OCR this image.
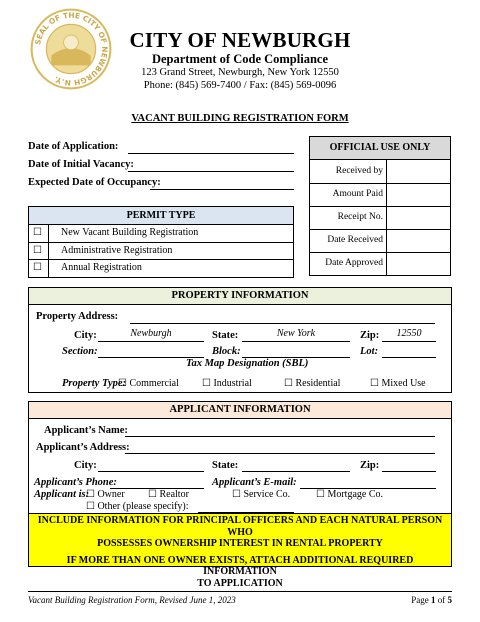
SEAL OF THE CITY OF NEWBURGH N.Y.
CITY OF NEWBURGH
Department of Code Compliance
123 Grand Street, Newburgh, New York 12550
Phone: (845) 569-7400 / Fax: (845) 569-0096
VACANT BUILDING REGISTRATION FORM
Date of Application:
Date of Initial Vacancy:
Expected Date of Occupancy:
OFFICIAL USE ONLY
Received by
Amount Paid
Receipt No.
Date Received
Date Approved
PERMIT TYPE
☐ New Vacant Building Registration
☐ Administrative Registration
☐ Annual Registration
PROPERTY INFORMATION
Property Address:
City:	Newburgh	State:	New York	Zip:	12550
Section:	Block:	Lot:
Tax Map Designation (SBL)
Property Type:
☐ Commercial ☐ Industrial	☐ Residential	☐ Mixed Use
APPLICANT INFORMATION
Applicant’s Name:
Applicant’s Address:
City:	State:	Zip:
Applicant’s Phone:	Applicant’s E-mail:
Applicant is:
☐ Owner ☐ Realtor	☐ Service Co.	☐ Mortgage Co.
☐ Other (please specify):
INCLUDE INFORMATION FOR PRINCIPAL OFFICERS AND EACH NATURAL PERSON WHO
POSSESSES OWNERSHIP INTEREST IN RENTAL PROPERTY
IF MORE THAN ONE OWNER EXISTS, ATTACH ADDITIONAL REQUIRED INFORMATION
TO APPLICATION
Vacant Building Registration Form, Revised June 1, 2023	Page 1 of 5
